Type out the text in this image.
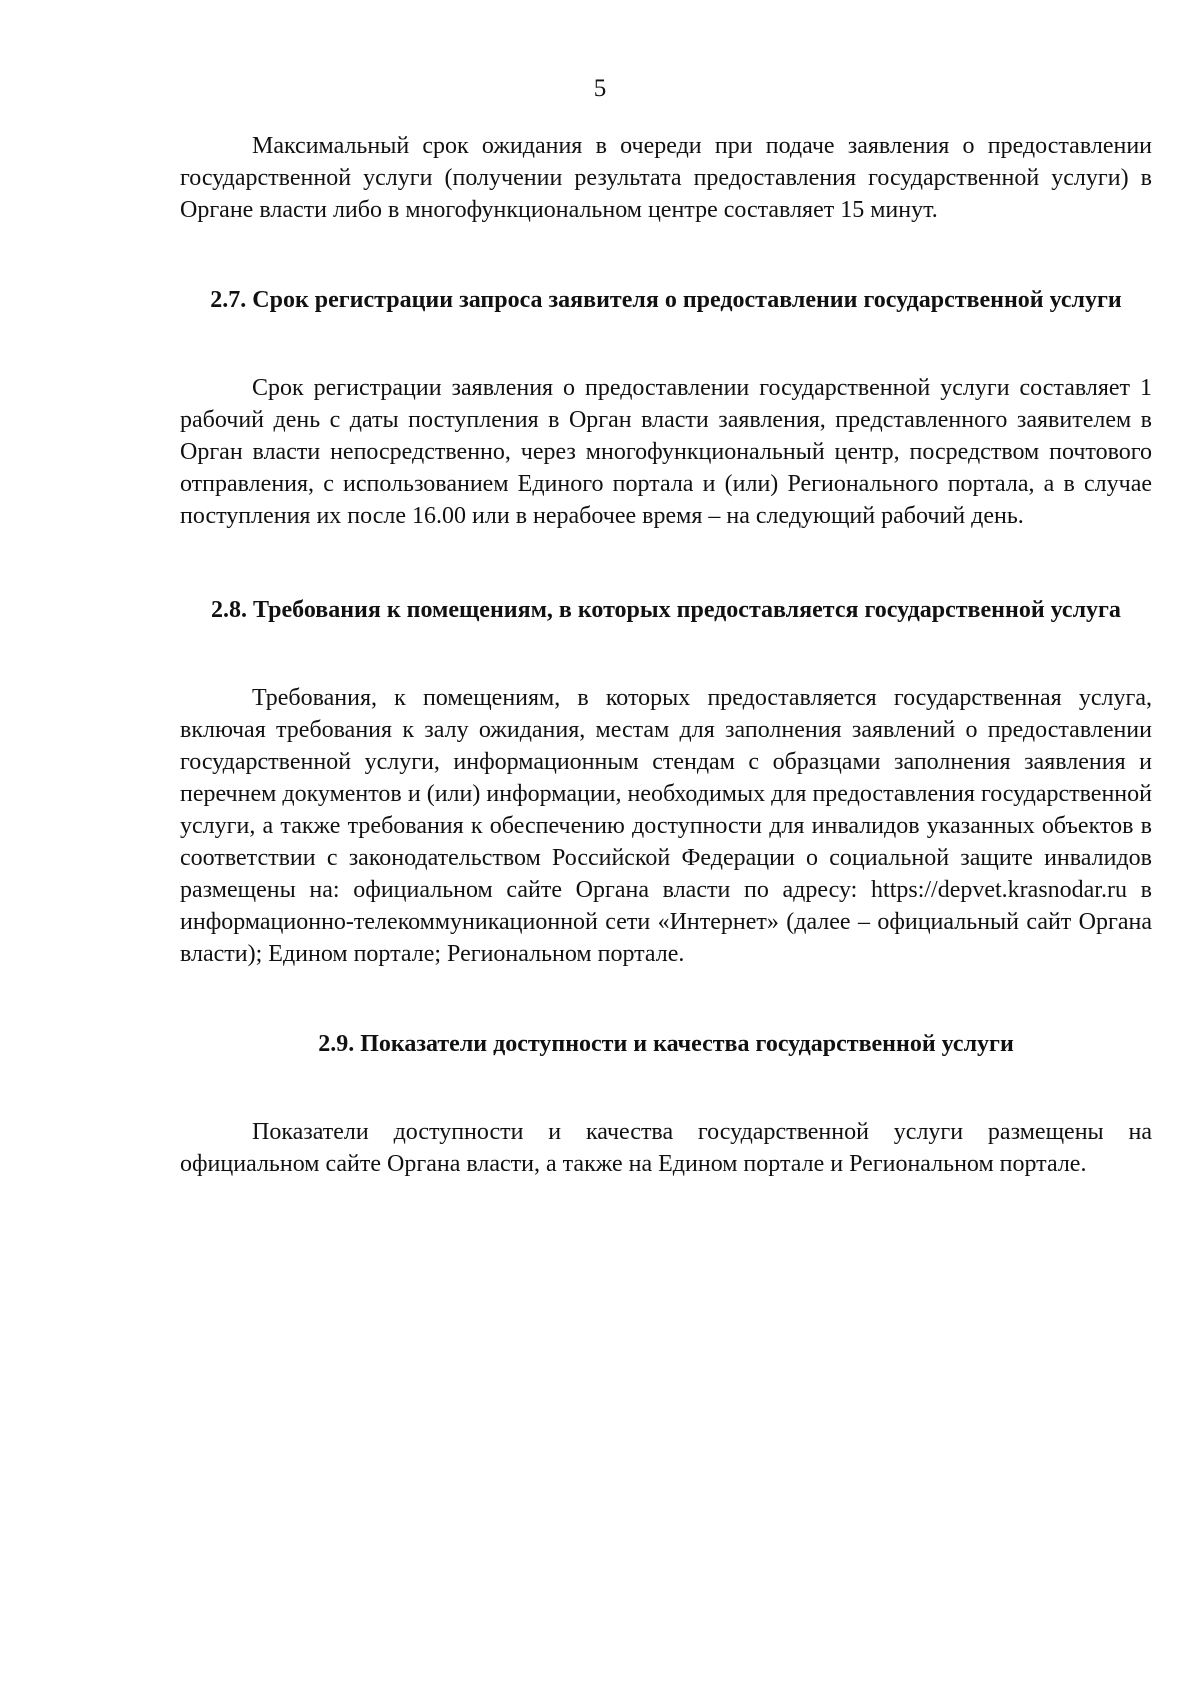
5

Максимальный срок ожидания в очереди при подаче заявления о предоставлении государственной услуги (получении результата предоставления государственной услуги) в Органе власти либо в многофункциональном центре составляет 15 минут.

2.7. Срок регистрации запроса заявителя о предоставлении государственной услуги

Срок регистрации заявления о предоставлении государственной услуги составляет 1 рабочий день с даты поступления в Орган власти заявления, представленного заявителем в Орган власти непосредственно, через многофункциональный центр, посредством почтового отправления, с использованием Единого портала и (или) Регионального портала, а в случае поступления их после 16.00 или в нерабочее время – на следующий рабочий день.

2.8. Требования к помещениям, в которых предоставляется государственной услуга

Требования, к помещениям, в которых предоставляется государственная услуга, включая требования к залу ожидания, местам для заполнения заявлений о предоставлении государственной услуги, информационным стендам с образцами заполнения заявления и перечнем документов и (или) информации, необходимых для предоставления государственной услуги, а также требования к обеспечению доступности для инвалидов указанных объектов в соответствии с законодательством Российской Федерации о социальной защите инвалидов размещены на: официальном сайте Органа власти по адресу: https://depvet.krasnodar.ru в информационно-телекоммуникационной сети «Интернет» (далее – официальный сайт Органа власти); Едином портале; Региональном портале.

2.9. Показатели доступности и качества государственной услуги

Показатели доступности и качества государственной услуги размещены на официальном сайте Органа власти, а также на Едином портале и Региональном портале.
